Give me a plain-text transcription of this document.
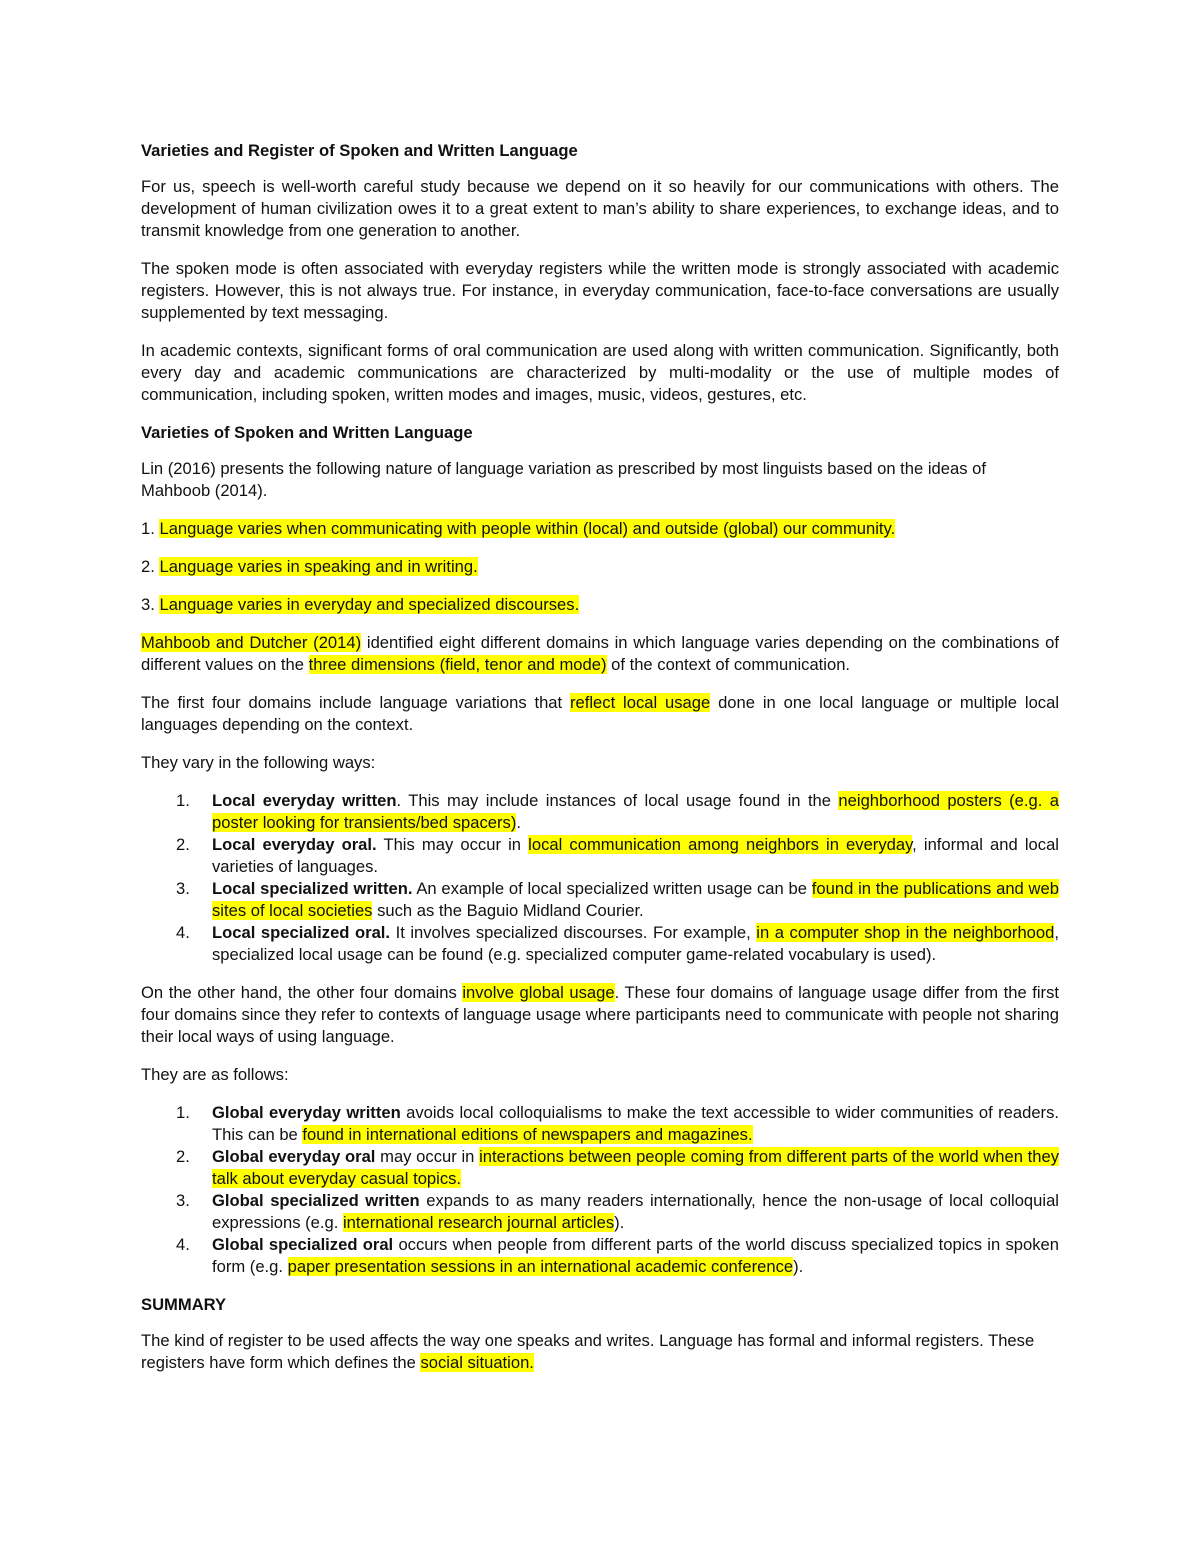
Varieties and Register of Spoken and Written Language

For us, speech is well-worth careful study because we depend on it so heavily for our communications with others. The development of human civilization owes it to a great extent to man’s ability to share experiences, to exchange ideas, and to transmit knowledge from one generation to another.

The spoken mode is often associated with everyday registers while the written mode is strongly associated with academic registers. However, this is not always true. For instance, in everyday communication, face-to-face conversations are usually supplemented by text messaging.

In academic contexts, significant forms of oral communication are used along with written communication. Significantly, both every day and academic communications are characterized by multi-modality or the use of multiple modes of communication, including spoken, written modes and images, music, videos, gestures, etc.

Varieties of Spoken and Written Language

Lin (2016) presents the following nature of language variation as prescribed by most linguists based on the ideas of Mahboob (2014).

1. Language varies when communicating with people within (local) and outside (global) our community.

2. Language varies in speaking and in writing.

3. Language varies in everyday and specialized discourses.

Mahboob and Dutcher (2014) identified eight different domains in which language varies depending on the combinations of different values on the three dimensions (field, tenor and mode) of the context of communication.

The first four domains include language variations that reflect local usage done in one local language or multiple local languages depending on the context.

They vary in the following ways:

1. Local everyday written. This may include instances of local usage found in the neighborhood posters (e.g. a poster looking for transients/bed spacers).
2. Local everyday oral. This may occur in local communication among neighbors in everyday, informal and local varieties of languages.
3. Local specialized written. An example of local specialized written usage can be found in the publications and web sites of local societies such as the Baguio Midland Courier.
4. Local specialized oral. It involves specialized discourses. For example, in a computer shop in the neighborhood, specialized local usage can be found (e.g. specialized computer game-related vocabulary is used).

On the other hand, the other four domains involve global usage. These four domains of language usage differ from the first four domains since they refer to contexts of language usage where participants need to communicate with people not sharing their local ways of using language.

They are as follows:

1. Global everyday written avoids local colloquialisms to make the text accessible to wider communities of readers. This can be found in international editions of newspapers and magazines.
2. Global everyday oral may occur in interactions between people coming from different parts of the world when they talk about everyday casual topics.
3. Global specialized written expands to as many readers internationally, hence the non-usage of local colloquial expressions (e.g. international research journal articles).
4. Global specialized oral occurs when people from different parts of the world discuss specialized topics in spoken form (e.g. paper presentation sessions in an international academic conference).
SUMMARY

The kind of register to be used affects the way one speaks and writes. Language has formal and informal registers. These registers have form which defines the social situation.
